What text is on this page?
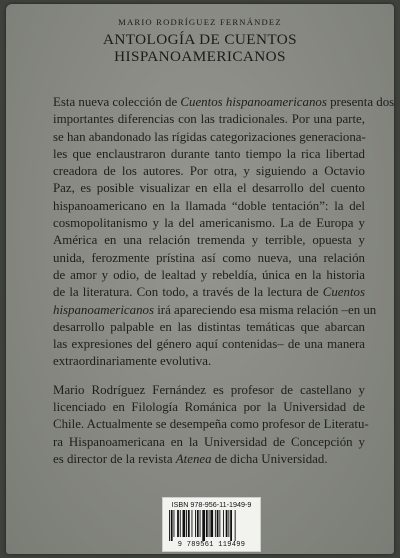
MARIO RODRÍGUEZ FERNÁNDEZ
ANTOLOGÍA DE CUENTOS
HISPANOAMERICANOS

Esta nueva colección de Cuentos hispanoamericanos presenta dos
importantes diferencias con las tradicionales. Por una parte,
se han abandonado las rígidas categorizaciones generaciona-
les que enclaustraron durante tanto tiempo la rica libertad
creadora de los autores. Por otra, y siguiendo a Octavio
Paz, es posible visualizar en ella el desarrollo del cuento
hispanoamericano en la llamada “doble tentación”: la del
cosmopolitanismo y la del americanismo. La de Europa y
América en una relación tremenda y terrible, opuesta y
unida, ferozmente prístina así como nueva, una relación
de amor y odio, de lealtad y rebeldía, única en la historia
de la literatura. Con todo, a través de la lectura de Cuentos
hispanoamericanos irá apareciendo esa misma relación –en un
desarrollo palpable en las distintas temáticas que abarcan
las expresiones del género aquí contenidas– de una manera
extraordinariamente evolutiva.

Mario Rodríguez Fernández es profesor de castellano y
licenciado en Filología Románica por la Universidad de
Chile. Actualmente se desempeña como profesor de Literatu-
ra Hispanoamericana en la Universidad de Concepción y
es director de la revista Atenea de dicha Universidad.

ISBN 978-956-11-1949-9
9 789561 119499
